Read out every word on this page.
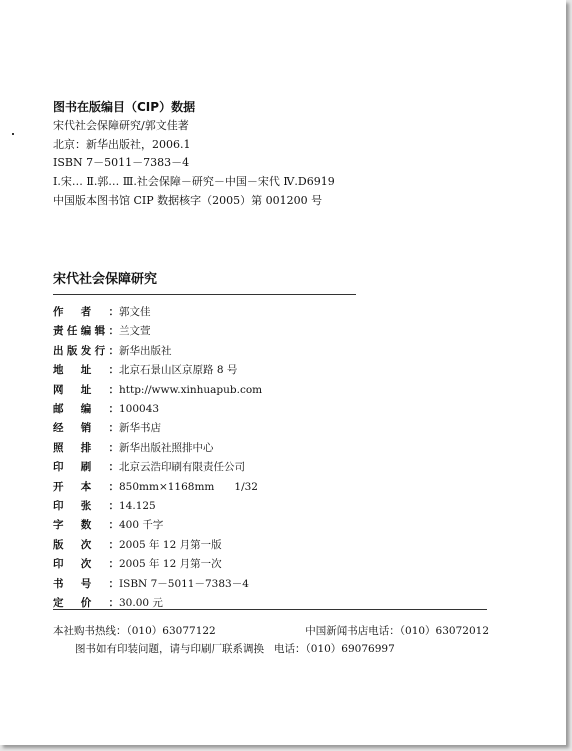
图书在版编目（CIP）数据
宋代社会保障研究/郭文佳著
北京：新华出版社，2006.1
ISBN 7－5011－7383－4
Ⅰ.宋… Ⅱ.郭… Ⅲ.社会保障－研究－中国－宋代 Ⅳ.D6919
中国版本图书馆 CIP 数据核字（2005）第 001200 号
宋代社会保障研究
作者： 郭文佳
责任编辑： 兰文萱
出版发行： 新华出版社
地址： 北京石景山区京原路 8 号
网址： http://www.xinhuapub.com
邮编： 100043
经销： 新华书店
照排： 新华出版社照排中心
印刷： 北京云浩印刷有限责任公司
开本： 850mm×1168mm      1/32
印张： 14.125
字数： 400 千字
版次： 2005 年 12 月第一版
印次： 2005 年 12 月第一次
书号： ISBN 7－5011－7383－4
定价： 30.00 元
本社购书热线：（010）63077122	中国新闻书店电话：（010）63072012
图书如有印装问题，请与印刷厂联系调换   电话：（010）69076997
